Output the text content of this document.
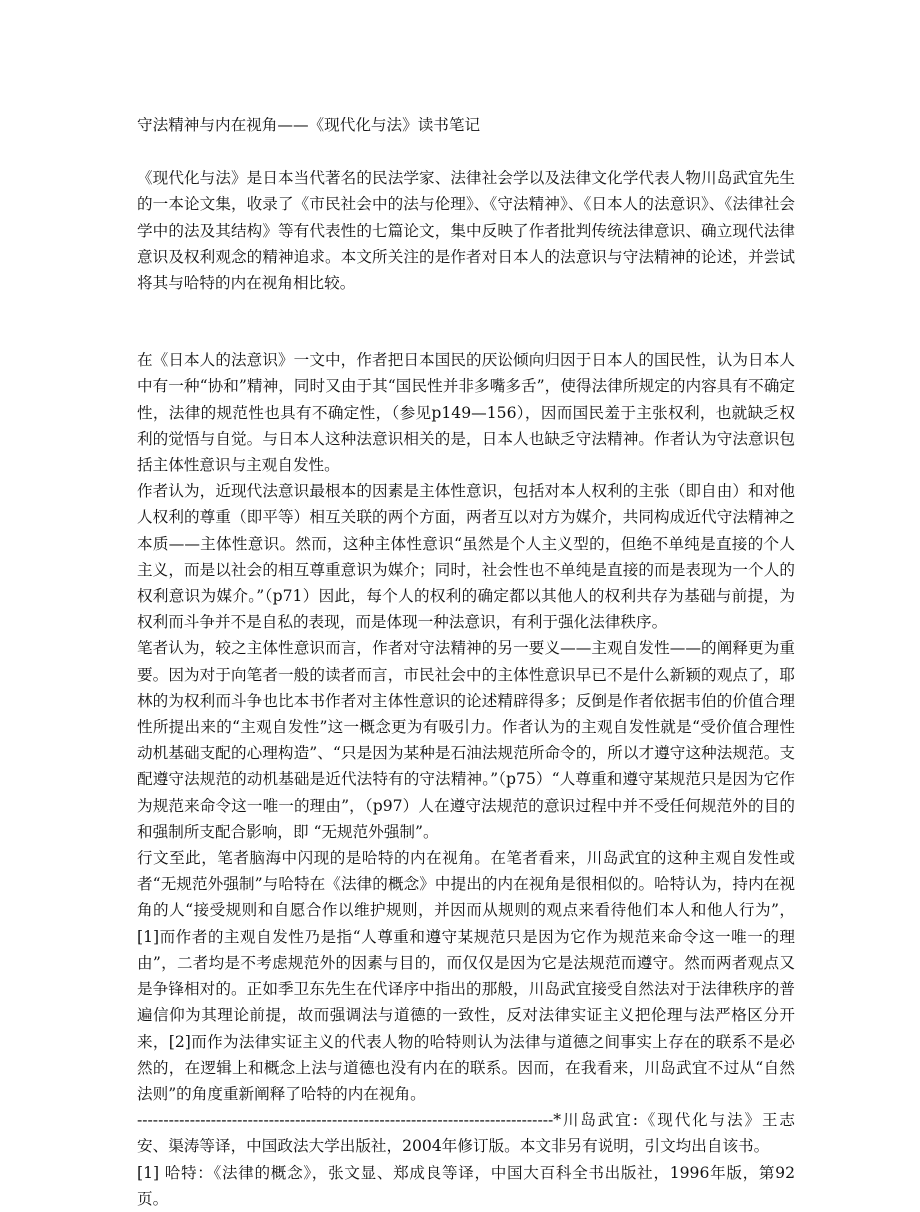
守法精神与内在视角——《现代化与法》读书笔记

《现代化与法》是日本当代著名的民法学家、法律社会学以及法律文化学代表人物川岛武宜先生的一本论文集，收录了《市民社会中的法与伦理》、《守法精神》、《日本人的法意识》、《法律社会学中的法及其结构》等有代表性的七篇论文，集中反映了作者批判传统法律意识、确立现代法律意识及权利观念的精神追求。本文所关注的是作者对日本人的法意识与守法精神的论述，并尝试将其与哈特的内在视角相比较。

在《日本人的法意识》一文中，作者把日本国民的厌讼倾向归因于日本人的国民性，认为日本人中有一种“协和”精神，同时又由于其“国民性并非多嘴多舌”，使得法律所规定的内容具有不确定性，法律的规范性也具有不确定性，（参见p149—156），因而国民羞于主张权利，也就缺乏权利的觉悟与自觉。与日本人这种法意识相关的是，日本人也缺乏守法精神。作者认为守法意识包括主体性意识与主观自发性。

作者认为，近现代法意识最根本的因素是主体性意识，包括对本人权利的主张（即自由）和对他人权利的尊重（即平等）相互关联的两个方面，两者互以对方为媒介，共同构成近代守法精神之本质——主体性意识。然而，这种主体性意识“虽然是个人主义型的，但绝不单纯是直接的个人主义，而是以社会的相互尊重意识为媒介；同时，社会性也不单纯是直接的而是表现为一个人的权利意识为媒介。”（p71）因此，每个人的权利的确定都以其他人的权利共存为基础与前提，为权利而斗争并不是自私的表现，而是体现一种法意识，有利于强化法律秩序。

笔者认为，较之主体性意识而言，作者对守法精神的另一要义——主观自发性——的阐释更为重要。因为对于向笔者一般的读者而言，市民社会中的主体性意识早已不是什么新颖的观点了，耶林的为权利而斗争也比本书作者对主体性意识的论述精辟得多；反倒是作者依据韦伯的价值合理性所提出来的“主观自发性”这一概念更为有吸引力。作者认为的主观自发性就是“受价值合理性动机基础支配的心理构造”、“只是因为某种是石油法规范所命令的，所以才遵守这种法规范。支配遵守法规范的动机基础是近代法特有的守法精神。”（p75）“人尊重和遵守某规范只是因为它作为规范来命令这一唯一的理由”，（p97）人在遵守法规范的意识过程中并不受任何规范外的目的和强制所支配合影响，即 “无规范外强制”。

行文至此，笔者脑海中闪现的是哈特的内在视角。在笔者看来，川岛武宜的这种主观自发性或者“无规范外强制”与哈特在《法律的概念》中提出的内在视角是很相似的。哈特认为，持内在视角的人“接受规则和自愿合作以维护规则，并因而从规则的观点来看待他们本人和他人行为”，[1]而作者的主观自发性乃是指“人尊重和遵守某规范只是因为它作为规范来命令这一唯一的理由”，二者均是不考虑规范外的因素与目的，而仅仅是因为它是法规范而遵守。然而两者观点又是争锋相对的。正如季卫东先生在代译序中指出的那般，川岛武宜接受自然法对于法律秩序的普遍信仰为其理论前提，故而强调法与道德的一致性，反对法律实证主义把伦理与法严格区分开来，[2]而作为法律实证主义的代表人物的哈特则认为法律与道德之间事实上存在的联系不是必然的，在逻辑上和概念上法与道德也没有内在的联系。因而，在我看来，川岛武宜不过从“自然法则”的角度重新阐释了哈特的内在视角。

-------------------------------------------------------------------------------*川岛武宜:《现代化与法》王志安、渠涛等译，中国政法大学出版社，2004年修订版。本文非另有说明，引文均出自该书。

[1] 哈特：《法律的概念》，张文显、郑成良等译，中国大百科全书出版社，1996年版，第92页。
